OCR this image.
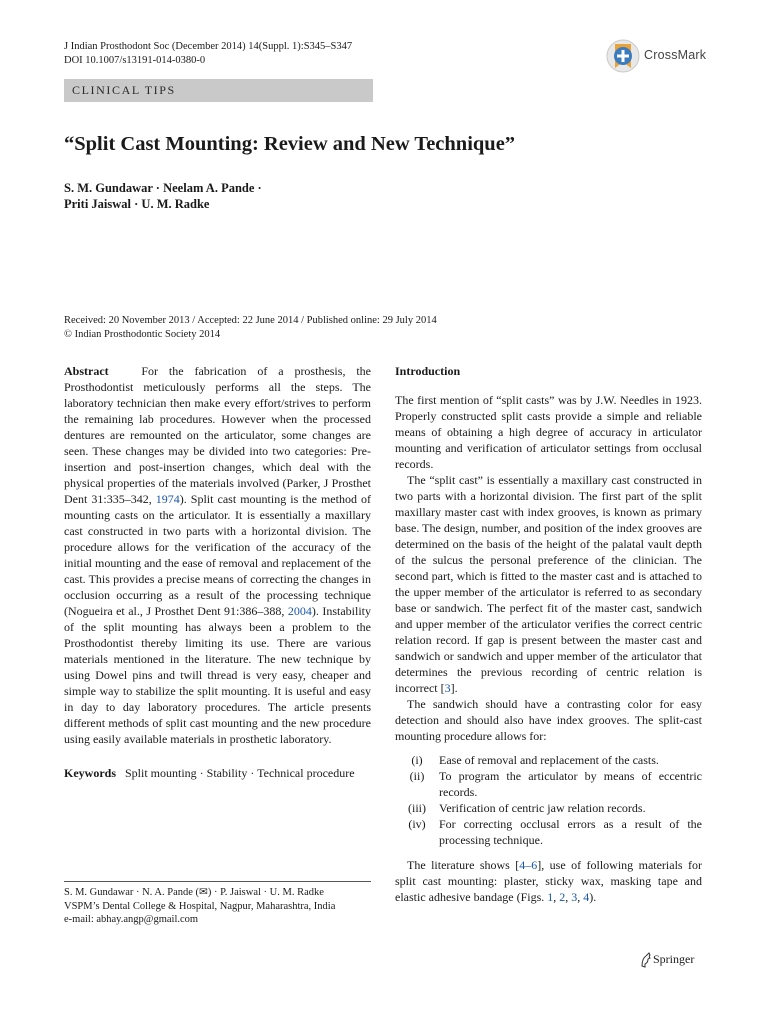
J Indian Prosthodont Soc (December 2014) 14(Suppl. 1):S345–S347
DOI 10.1007/s13191-014-0380-0	CrossMark
CLINICAL TIPS
“Split Cast Mounting: Review and New Technique”
S. M. Gundawar · Neelam A. Pande ·
Priti Jaiswal · U. M. Radke
Received: 20 November 2013 / Accepted: 22 June 2014 / Published online: 29 July 2014
© Indian Prosthodontic Society 2014

Abstract	For the fabrication of a prosthesis, the Prosthodontist meticulously performs all the steps. The laboratory technician then make every effort/strives to perform the remaining lab procedures. However when the processed dentures are remounted on the articulator, some changes are seen. These changes may be divided into two categories: Pre-insertion and post-insertion changes, which deal with the physical properties of the materials involved (Parker, J Prosthet Dent 31:335–342, 1974). Split cast mounting is the method of mounting casts on the articulator. It is essentially a maxillary cast constructed in two parts with a horizontal division. The procedure allows for the verification of the accuracy of the initial mounting and the ease of removal and replacement of the cast. This provides a precise means of correcting the changes in occlusion occurring as a result of the processing technique (Nogueira et al., J Prosthet Dent 91:386–388, 2004). Instability of the split mounting has always been a problem to the Prosthodontist thereby limiting its use. There are various materials mentioned in the literature. The new technique by using Dowel pins and twill thread is very easy, cheaper and simple way to stabilize the split mounting. It is useful and easy in day to day laboratory procedures. The article presents different methods of split cast mounting and the new procedure using easily available materials in prosthetic laboratory.

Keywords Split mounting · Stability · Technical procedure

Introduction

The first mention of “split casts” was by J.W. Needles in 1923. Properly constructed split casts provide a simple and reliable means of obtaining a high degree of accuracy in articulator mounting and verification of articulator settings from occlusal records.

The “split cast” is essentially a maxillary cast constructed in two parts with a horizontal division. The first part of the split maxillary master cast with index grooves, is known as primary base. The design, number, and position of the index grooves are determined on the basis of the height of the palatal vault depth of the sulcus the personal preference of the clinician. The second part, which is fitted to the master cast and is attached to the upper member of the articulator is referred to as secondary base or sandwich. The perfect fit of the master cast, sandwich and upper member of the articulator verifies the correct centric relation record. If gap is present between the master cast and sandwich or sandwich and upper member of the articulator that determines the previous recording of centric relation is incorrect [3].

The sandwich should have a contrasting color for easy detection and should also have index grooves. The split-cast mounting procedure allows for:

(i)	Ease of removal and replacement of the casts.
(ii)	To program the articulator by means of eccentric records.
(iii)	Verification of centric jaw relation records.
(iv)	For correcting occlusal errors as a result of the processing technique.

The literature shows [4–6], use of following materials for split cast mounting: plaster, sticky wax, masking tape and elastic adhesive bandage (Figs. 1, 2, 3, 4).

S. M. Gundawar · N. A. Pande (✉) · P. Jaiswal · U. M. Radke
VSPM’s Dental College & Hospital, Nagpur, Maharashtra, India
e-mail: abhay.angp@gmail.com
Springer
